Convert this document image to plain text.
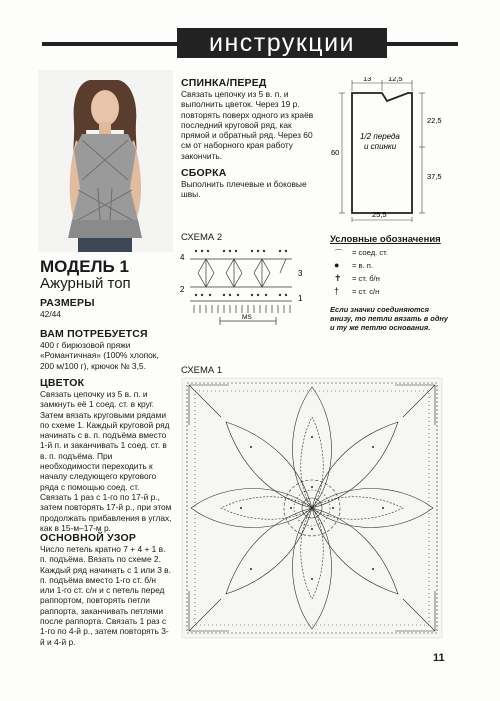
инструкции
МОДЕЛЬ 1
Ажурный топ
РАЗМЕРЫ
42/44
ВАМ ПОТРЕБУЕТСЯ
400 г бирюзовой пряжи «Романтичная» (100% хлопок, 200 м/100 г), крючок № 3,5.
ЦВЕТОК
Связать цепочку из 5 в. п. и замкнуть её 1 соед. ст. в круг. Затем вязать круговыми рядами по схеме 1. Каждый круговой ряд начинать с в. п. подъёма вместо 1-й п. и заканчивать 1 соед. ст. в в. п. подъёма. При необходимости переходить к началу следующего кругового ряда с помощью соед. ст. Связать 1 раз с 1-го по 17-й р., затем повторять 17-й р., при этом продолжать прибавления в углах, как в 15-м–17-м р.
ОСНОВНОЙ УЗОР
Число петель кратно 7 + 4 + 1 в. п. подъёма. Вязать по схеме 2. Каждый ряд начинать с 1 или 3 в. п. подъёма вместо 1-го ст. б/н или 1-го ст. с/н и с петель перед раппортом, повторять петли раппорта, заканчивать петлями после раппорта. Связать 1 раз с 1-го по 4-й р., затем повторять 3-й и 4-й р.
СПИНКА/ПЕРЕД
Связать цепочку из 5 в. п. и выполнить цветок. Через 19 р. повторять поверх одного из краёв последний круговой ряд, как прямой и обратный ряд. Через 60 см от наборного края работу закончить.
СБОРКА
Выполнить плечевые и боковые швы.
13 12,5
22,5
37,5
60
25,5
1/2 переда
и спинки
Условные обозначения
⌒ = соед. ст.
● = в. п.
✝ = ст. б/н
† = ст. с/н
Если значки соединяются внизу, то петли вязать в одну и ту же петлю основания.
СХЕМА 2
4
2
3
1
MS
СХЕМА 1
11
